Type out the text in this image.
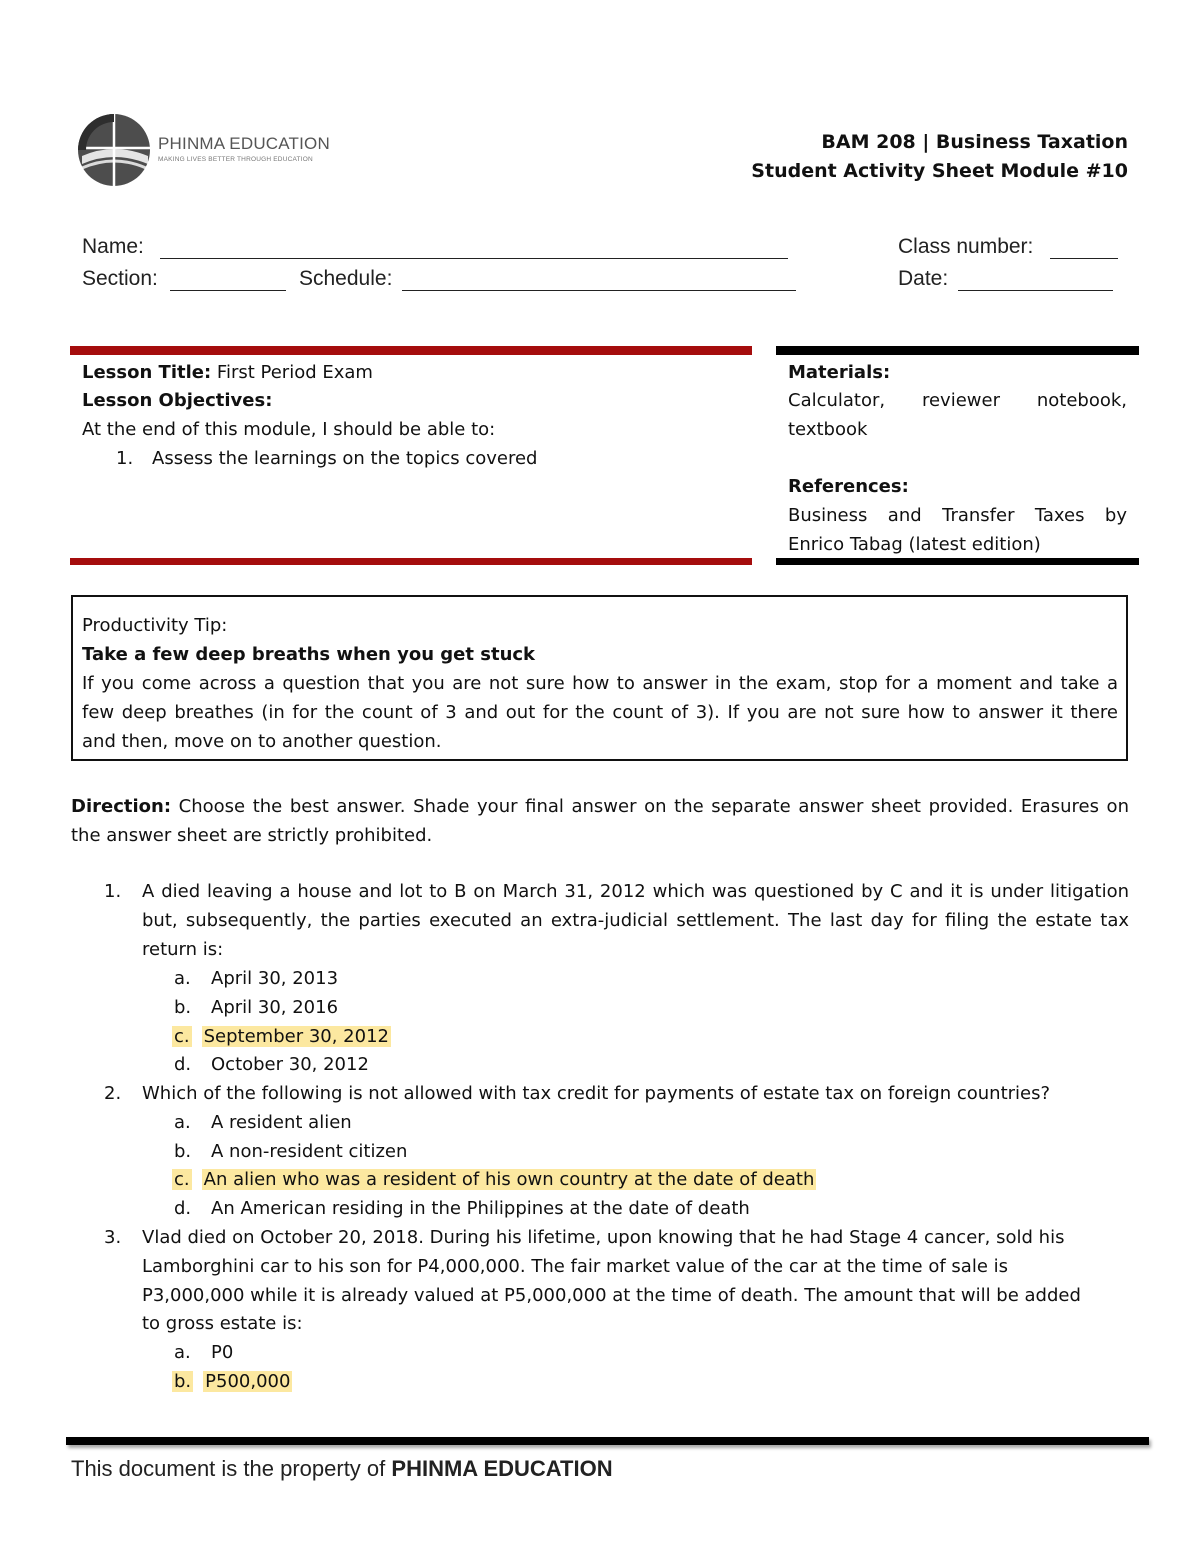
PHINMA EDUCATION
MAKING LIVES BETTER THROUGH EDUCATION
BAM 208 | Business Taxation
Student Activity Sheet Module #10
Name:	Class number:
Section:	Schedule:	Date:
Lesson Title: First Period Exam
Lesson Objectives:
At the end of this module, I should be able to:
1. Assess the learnings on the topics covered
Materials:
Calculator, reviewer notebook,
textbook
References:
Business and Transfer Taxes by
Enrico Tabag (latest edition)
Productivity Tip:
Take a few deep breaths when you get stuck
If you come across a question that you are not sure how to answer in the exam, stop for a moment and take a
few deep breathes (in for the count of 3 and out for the count of 3). If you are not sure how to answer it there
and then, move on to another question.
Direction: Choose the best answer. Shade your final answer on the separate answer sheet provided. Erasures on
the answer sheet are strictly prohibited.
1. A died leaving a house and lot to B on March 31, 2012 which was questioned by C and it is under litigation
but, subsequently, the parties executed an extra-judicial settlement. The last day for filing the estate tax
return is:
a. April 30, 2013
b. April 30, 2016
c. September 30, 2012
d. October 30, 2012
2. Which of the following is not allowed with tax credit for payments of estate tax on foreign countries?
a. A resident alien
b. A non-resident citizen
c. An alien who was a resident of his own country at the date of death
d. An American residing in the Philippines at the date of death
3. Vlad died on October 20, 2018. During his lifetime, upon knowing that he had Stage 4 cancer, sold his
Lamborghini car to his son for P4,000,000. The fair market value of the car at the time of sale is
P3,000,000 while it is already valued at P5,000,000 at the time of death. The amount that will be added
to gross estate is:
a. P0
b. P500,000
This document is the property of PHINMA EDUCATION
